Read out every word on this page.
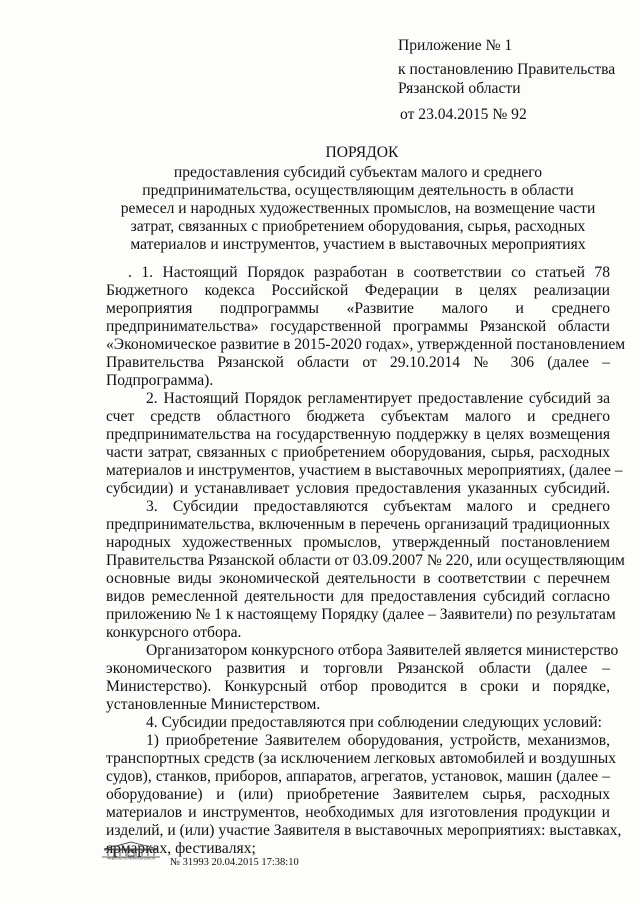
Приложение № 1
к постановлению Правительства
Рязанской области
от 23.04.2015 № 92
ПОРЯДОК
предоставления субсидий субъектам малого и среднего
предпринимательства, осуществляющим деятельность в области
ремесел и народных художественных промыслов, на возмещение части
затрат, связанных с приобретением оборудования, сырья, расходных
материалов и инструментов, участием в выставочных мероприятиях
. 1. Настоящий Порядок разработан в соответствии со статьей 78
Бюджетного кодекса Российской Федерации в целях реализации
мероприятия подпрограммы «Развитие малого и среднего
предпринимательства» государственной программы Рязанской области
«Экономическое развитие в 2015-2020 годах», утвержденной постановлением
Правительства Рязанской области от 29.10.2014 № 306 (далее –
Подпрограмма).
2. Настоящий Порядок регламентирует предоставление субсидий за
счет средств областного бюджета субъектам малого и среднего
предпринимательства на государственную поддержку в целях возмещения
части затрат, связанных с приобретением оборудования, сырья, расходных
материалов и инструментов, участием в выставочных мероприятиях, (далее –
субсидии) и устанавливает условия предоставления указанных субсидий.
3. Субсидии предоставляются субъектам малого и среднего
предпринимательства, включенным в перечень организаций традиционных
народных художественных промыслов, утвержденный постановлением
Правительства Рязанской области от 03.09.2007 № 220, или осуществляющим
основные виды экономической деятельности в соответствии с перечнем
видов ремесленной деятельности для предоставления субсидий согласно
приложению № 1 к настоящему Порядку (далее – Заявители) по результатам
конкурсного отбора.
Организатором конкурсного отбора Заявителей является министерство
экономического развития и торговли Рязанской области (далее –
Министерство). Конкурсный отбор проводится в сроки и порядке,
установленные Министерством.
4. Субсидии предоставляются при соблюдении следующих условий:
1) приобретение Заявителем оборудования, устройств, механизмов,
транспортных средств (за исключением легковых автомобилей и воздушных
судов), станков, приборов, аппаратов, агрегатов, установок, машин (далее –
оборудование) и (или) приобретение Заявителем сырья, расходных
материалов и инструментов, необходимых для изготовления продукции и
изделий, и (или) участие Заявителя в выставочных мероприятиях: выставках,
ярмарках, фестивалях;
ПРАВИТЕЛЬСТВО РЯЗАНСКОЙ ОБЛАСТИ № 31993 20.04.2015 17:38:10
